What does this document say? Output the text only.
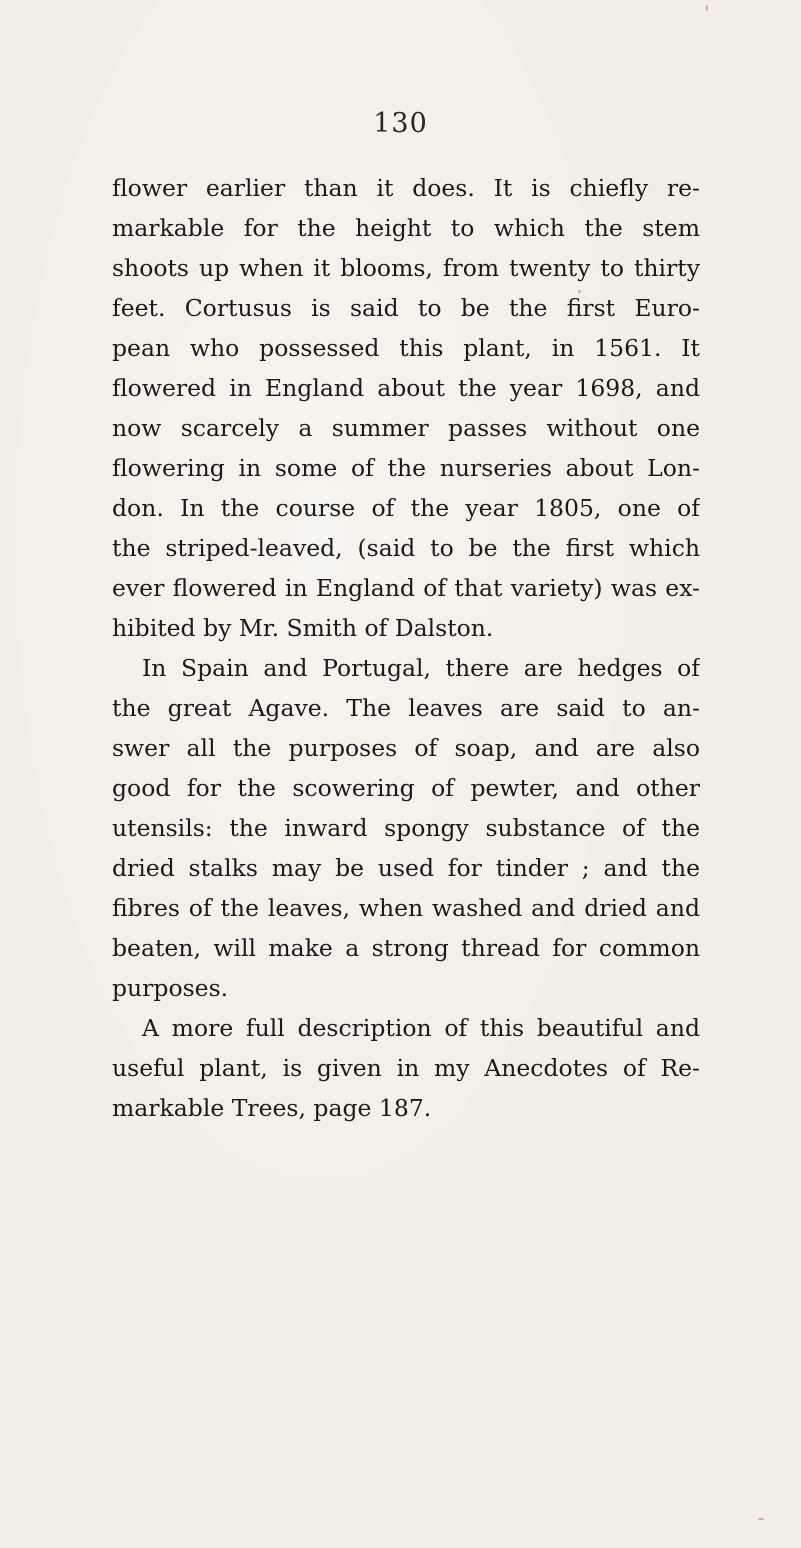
130
flower earlier than it does. It is chiefly re-
markable for the height to which the stem
shoots up when it blooms, from twenty to thirty
feet. Cortusus is said to be the first Euro-
pean who possessed this plant, in 1561. It
flowered in England about the year 1698, and
now scarcely a summer passes without one
flowering in some of the nurseries about Lon-
don. In the course of the year 1805, one of
the striped-leaved, (said to be the first which
ever flowered in England of that variety) was ex-
hibited by Mr. Smith of Dalston.
In Spain and Portugal, there are hedges of
the great Agave. The leaves are said to an-
swer all the purposes of soap, and are also
good for the scowering of pewter, and other
utensils: the inward spongy substance of the
dried stalks may be used for tinder ; and the
fibres of the leaves, when washed and dried and
beaten, will make a strong thread for common
purposes.
A more full description of this beautiful and
useful plant, is given in my Anecdotes of Re-
markable Trees, page 187.
